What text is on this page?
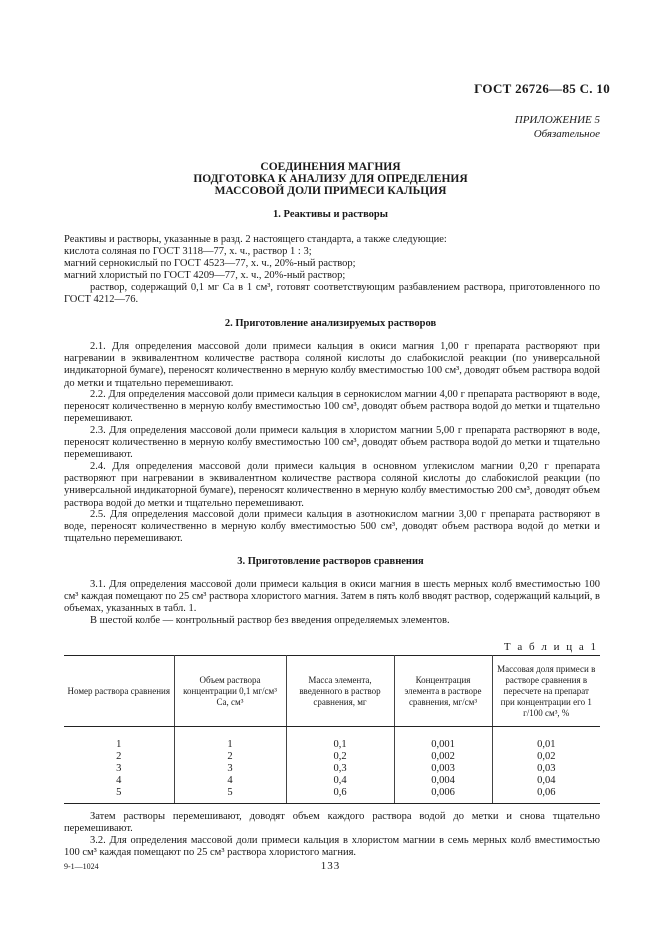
ГОСТ 26726—85 С. 10
ПРИЛОЖЕНИЕ 5
Обязательное
СОЕДИНЕНИЯ МАГНИЯ
ПОДГОТОВКА К АНАЛИЗУ ДЛЯ ОПРЕДЕЛЕНИЯ
МАССОВОЙ ДОЛИ ПРИМЕСИ КАЛЬЦИЯ
1. Реактивы и растворы
Реактивы и растворы, указанные в разд. 2 настоящего стандарта, а также следующие:
кислота соляная по ГОСТ 3118—77, х. ч., раствор 1 : 3;
магний сернокислый по ГОСТ 4523—77, х. ч., 20%-ный раствор;
магний хлористый по ГОСТ 4209—77, х. ч., 20%-ный раствор;
раствор, содержащий 0,1 мг Са в 1 см³, готовят соответствующим разбавлением раствора, приготовленного по ГОСТ 4212—76.
2. Приготовление анализируемых растворов
2.1. Для определения массовой доли примеси кальция в окиси магния 1,00 г препарата растворяют при нагревании в эквивалентном количестве раствора соляной кислоты до слабокислой реакции (по универсальной индикаторной бумаге), переносят количественно в мерную колбу вместимостью 100 см³, доводят объем раствора водой до метки и тщательно перемешивают.
2.2. Для определения массовой доли примеси кальция в сернокислом магнии 4,00 г препарата растворяют в воде, переносят количественно в мерную колбу вместимостью 100 см³, доводят объем раствора водой до метки и тщательно перемешивают.
2.3. Для определения массовой доли примеси кальция в хлористом магнии 5,00 г препарата растворяют в воде, переносят количественно в мерную колбу вместимостью 100 см³, доводят объем раствора водой до метки и тщательно перемешивают.
2.4. Для определения массовой доли примеси кальция в основном углекислом магнии 0,20 г препарата растворяют при нагревании в эквивалентном количестве раствора соляной кислоты до слабокислой реакции (по универсальной индикаторной бумаге), переносят количественно в мерную колбу вместимостью 200 см³, доводят объем раствора водой до метки и тщательно перемешивают.
2.5. Для определения массовой доли примеси кальция в азотнокислом магнии 3,00 г препарата растворяют в воде, переносят количественно в мерную колбу вместимостью 500 см³, доводят объем раствора водой до метки и тщательно перемешивают.
3. Приготовление растворов сравнения
3.1. Для определения массовой доли примеси кальция в окиси магния в шесть мерных колб вместимостью 100 см³ каждая помещают по 25 см³ раствора хлористого магния. Затем в пять колб вводят раствор, содержащий кальций, в объемах, указанных в табл. 1.
В шестой колбе — контрольный раствор без введения определяемых элементов.
Т а б л и ц а 1
Номер раствора сравнения	Объем раствора концентрации 0,1 мг/см³ Са, см³	Масса элемента, введенного в раствор сравнения, мг	Концентрация элемента в растворе сравнения, мг/см³	Массовая доля примеси в растворе сравнения в пересчете на препарат при концентрации его 1 г/100 см³, %
1	1	0,1	0,001	0,01
2	2	0,2	0,002	0,02
3	3	0,3	0,003	0,03
4	4	0,4	0,004	0,04
5	5	0,6	0,006	0,06
Затем растворы перемешивают, доводят объем каждого раствора водой до метки и снова тщательно перемешивают.
3.2. Для определения массовой доли примеси кальция в хлористом магнии в семь мерных колб вместимостью 100 см³ каждая помещают по 25 см³ раствора хлористого магния.
9-1—1024	133
